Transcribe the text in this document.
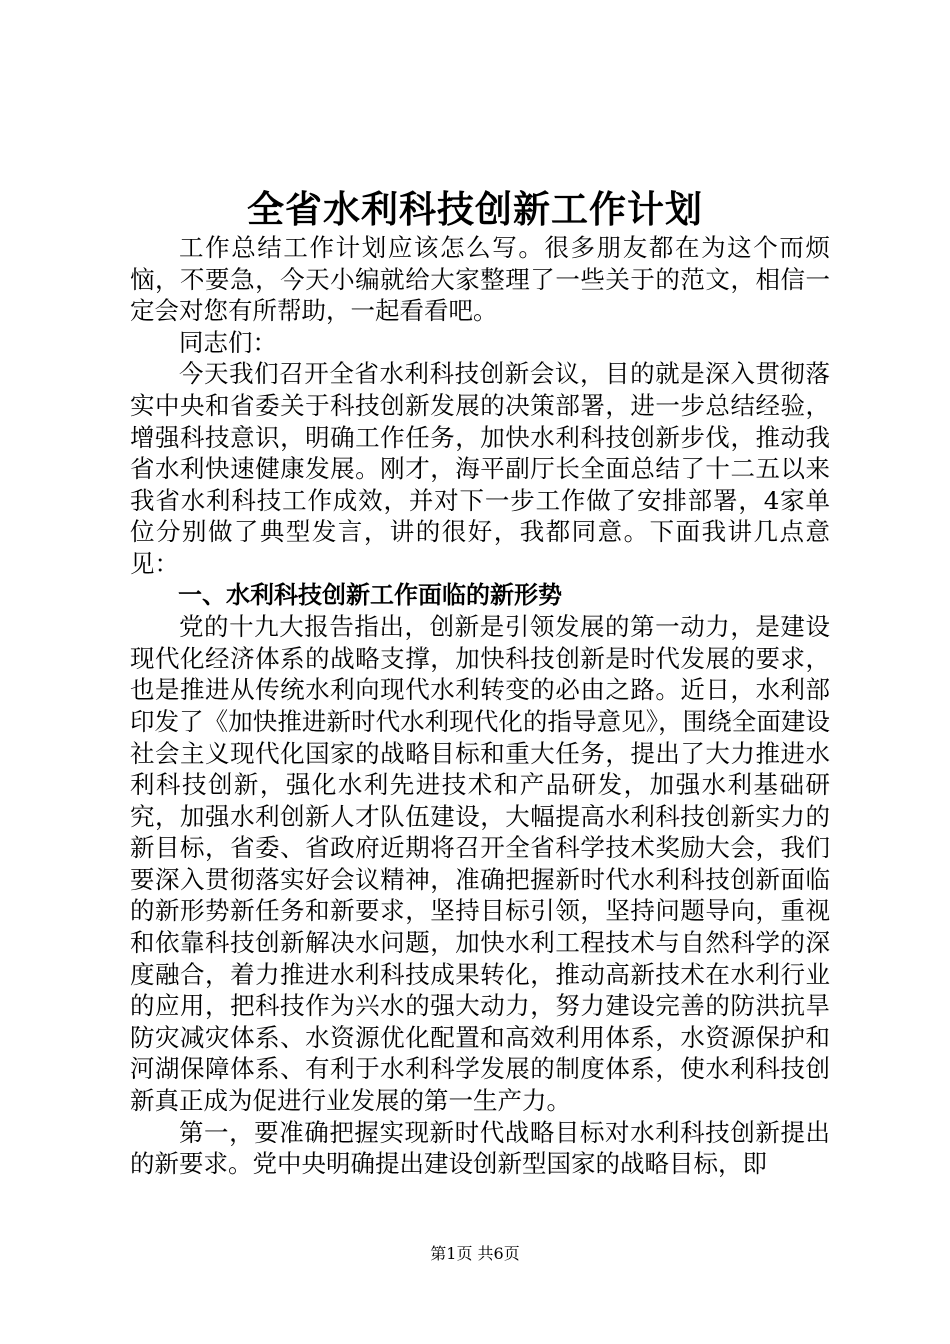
全省水利科技创新工作计划

工作总结工作计划应该怎么写。很多朋友都在为这个而烦恼，不要急，今天小编就给大家整理了一些关于的范文，相信一定会对您有所帮助，一起看看吧。

同志们：

今天我们召开全省水利科技创新会议，目的就是深入贯彻落实中央和省委关于科技创新发展的决策部署，进一步总结经验，增强科技意识，明确工作任务，加快水利科技创新步伐，推动我省水利快速健康发展。刚才，海平副厅长全面总结了十二五以来我省水利科技工作成效，并对下一步工作做了安排部署，4家单位分别做了典型发言，讲的很好，我都同意。下面我讲几点意见：

一、水利科技创新工作面临的新形势

党的十九大报告指出，创新是引领发展的第一动力，是建设现代化经济体系的战略支撑，加快科技创新是时代发展的要求，也是推进从传统水利向现代水利转变的必由之路。近日，水利部印发了《加快推进新时代水利现代化的指导意见》，围绕全面建设社会主义现代化国家的战略目标和重大任务，提出了大力推进水利科技创新，强化水利先进技术和产品研发，加强水利基础研究，加强水利创新人才队伍建设，大幅提高水利科技创新实力的新目标，省委、省政府近期将召开全省科学技术奖励大会，我们要深入贯彻落实好会议精神，准确把握新时代水利科技创新面临的新形势新任务和新要求，坚持目标引领，坚持问题导向，重视和依靠科技创新解决水问题，加快水利工程技术与自然科学的深度融合，着力推进水利科技成果转化，推动高新技术在水利行业的应用，把科技作为兴水的强大动力，努力建设完善的防洪抗旱防灾减灾体系、水资源优化配置和高效利用体系，水资源保护和河湖保障体系、有利于水利科学发展的制度体系，使水利科技创新真正成为促进行业发展的第一生产力。

第一，要准确把握实现新时代战略目标对水利科技创新提出的新要求。党中央明确提出建设创新型国家的战略目标，即

第1页 共6页
